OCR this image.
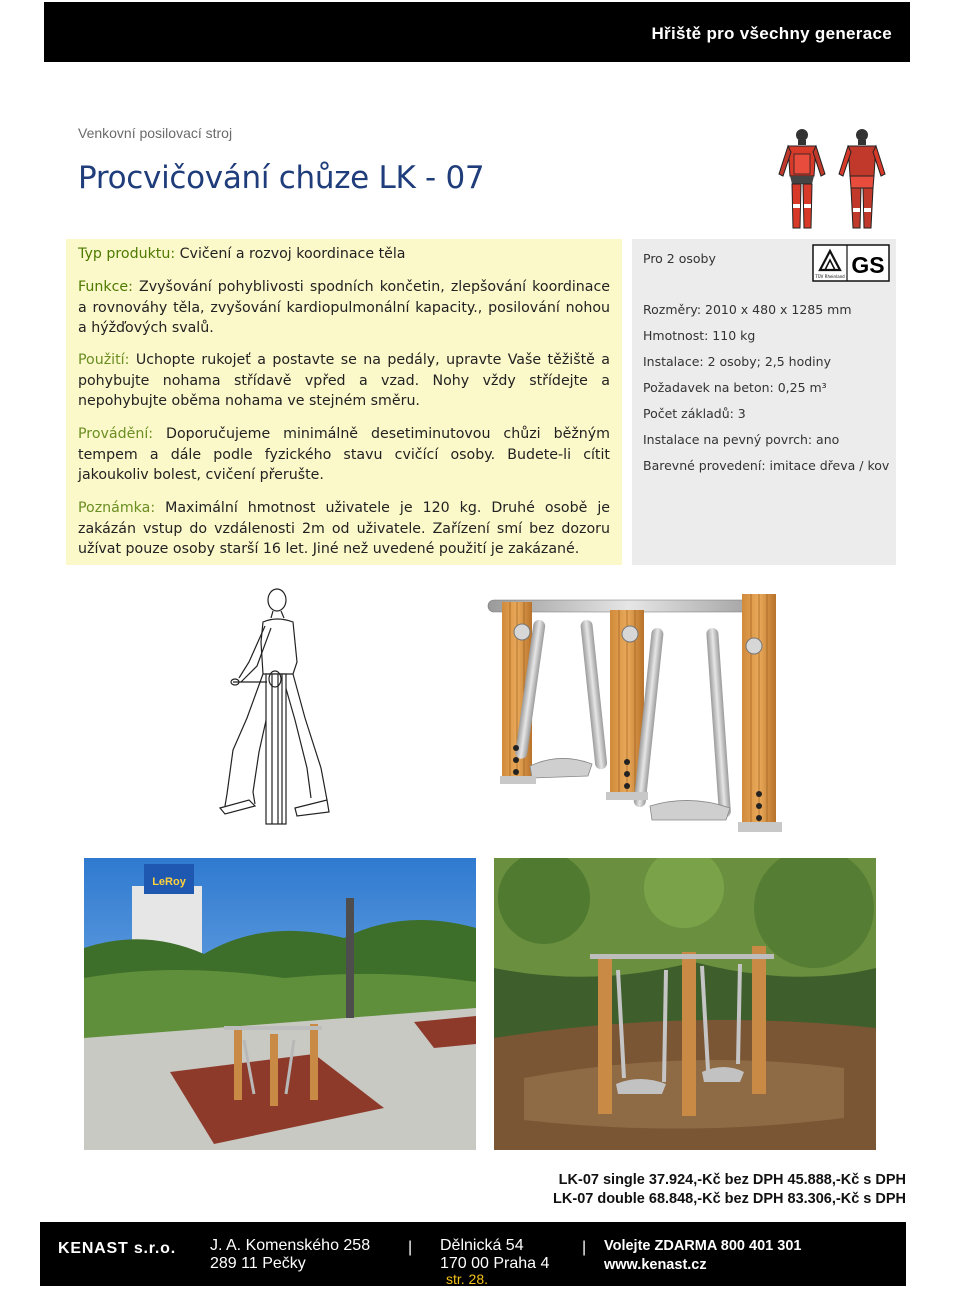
Hřiště pro všechny generace
Venkovní posilovací stroj
Procvičování chůze LK - 07
Typ produktu: Cvičení a rozvoj koordinace těla
Funkce: Zvyšování pohyblivosti spodních končetin, zlepšování koordinace a rovnováhy těla, zvyšování kardiopulmonální kapacity., posilování nohou a hýžďových svalů.
Použití: Uchopte rukojeť a postavte se na pedály, upravte Vaše těžiště a pohybujte nohama střídavě vpřed a vzad. Nohy vždy střídejte a nepohybujte oběma nohama ve stejném směru.
Provádění: Doporučujeme minimálně desetiminutovou chůzi běžným tempem a dále podle fyzického stavu cvičící osoby. Budete-li cítit jakoukoliv bolest, cvičení přerušte.
Poznámka: Maximální hmotnost uživatele je 120 kg. Druhé osobě je zakázán vstup do vzdálenosti 2m od uživatele. Zařízení smí bez dozoru užívat pouze osoby starší 16 let. Jiné než uvedené použití je zakázané.
Pro 2 osoby
TÜV Rheinland GS
Rozměry: 2010 x 480 x 1285 mm
Hmotnost: 110 kg
Instalace: 2 osoby; 2,5 hodiny
Požadavek na beton: 0,25 m³
Počet základů: 3
Instalace na pevný povrch: ano
Barevné provedení: imitace dřeva / kov
LeRoy
LK-07 single 37.924,-Kč bez DPH 45.888,-Kč s DPH
LK-07 double 68.848,-Kč bez DPH 83.306,-Kč s DPH
KENAST s.r.o. J. A. Komenského 258
289 11 Pečky
| Dělnická 54
170 00 Praha 4
| Volejte ZDARMA 800 401 301
www.kenast.cz
str. 28.
